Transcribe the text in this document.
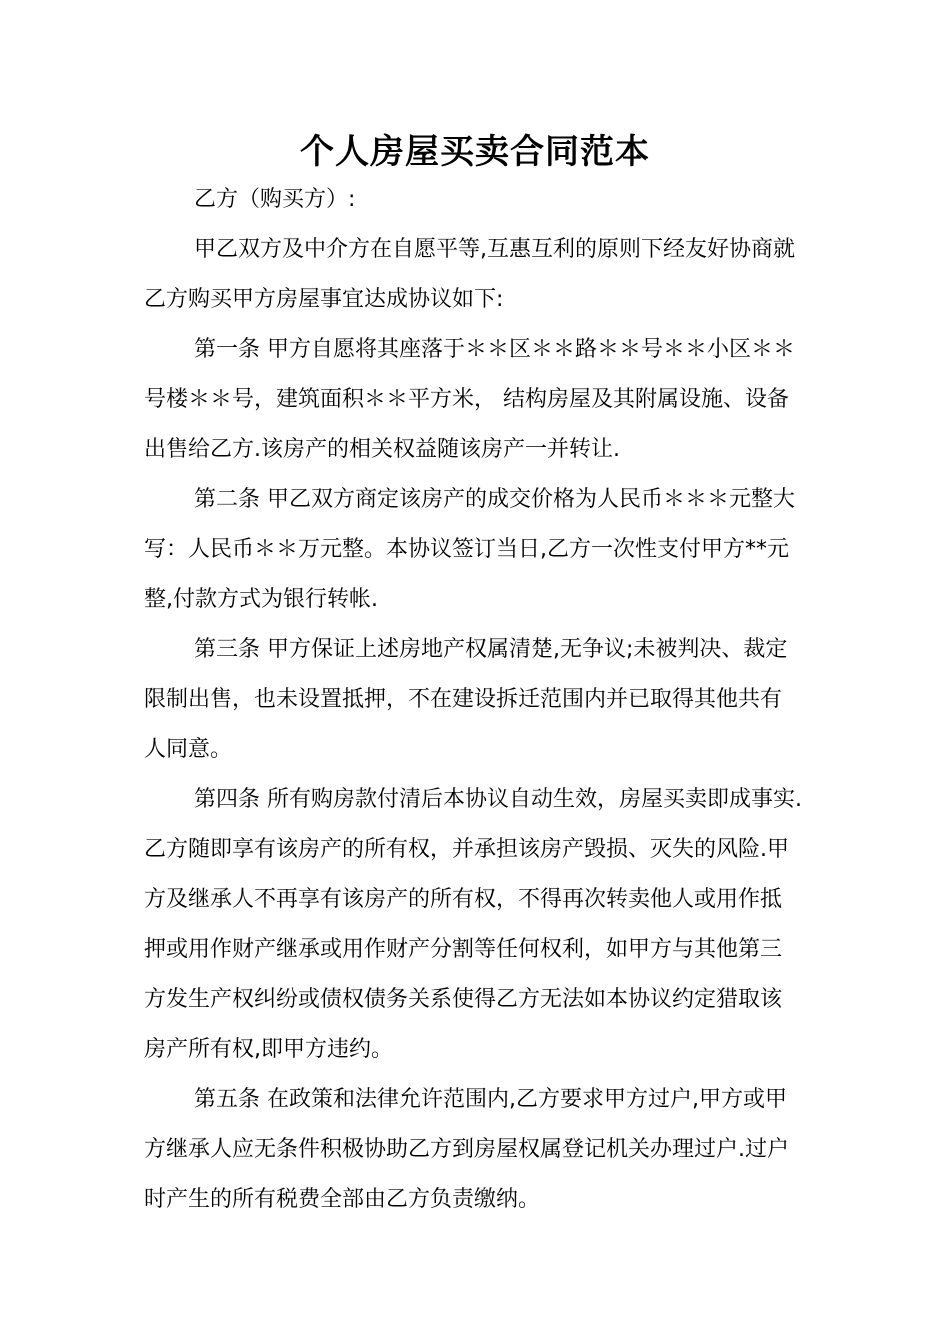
个人房屋买卖合同范本
乙方（购买方）:
甲乙双方及中介方在自愿平等,互惠互利的原则下经友好协商就
乙方购买甲方房屋事宜达成协议如下:
第一条 甲方自愿将其座落于＊＊区＊＊路＊＊号＊＊小区＊＊
号楼＊＊号，建筑面积＊＊平方米， 结构房屋及其附属设施、设备
出售给乙方.该房产的相关权益随该房产一并转让.
第二条 甲乙双方商定该房产的成交价格为人民币＊＊＊元整大
写：人民币＊＊万元整。本协议签订当日,乙方一次性支付甲方**元
整,付款方式为银行转帐.
第三条 甲方保证上述房地产权属清楚,无争议;未被判决、裁定
限制出售，也未设置抵押，不在建设拆迁范围内并已取得其他共有
人同意。
第四条 所有购房款付清后本协议自动生效，房屋买卖即成事实.
乙方随即享有该房产的所有权，并承担该房产毁损、灭失的风险.甲
方及继承人不再享有该房产的所有权，不得再次转卖他人或用作抵
押或用作财产继承或用作财产分割等任何权利，如甲方与其他第三
方发生产权纠纷或债权债务关系使得乙方无法如本协议约定猎取该
房产所有权,即甲方违约。
第五条 在政策和法律允许范围内,乙方要求甲方过户,甲方或甲
方继承人应无条件积极协助乙方到房屋权属登记机关办理过户.过户
时产生的所有税费全部由乙方负责缴纳。
